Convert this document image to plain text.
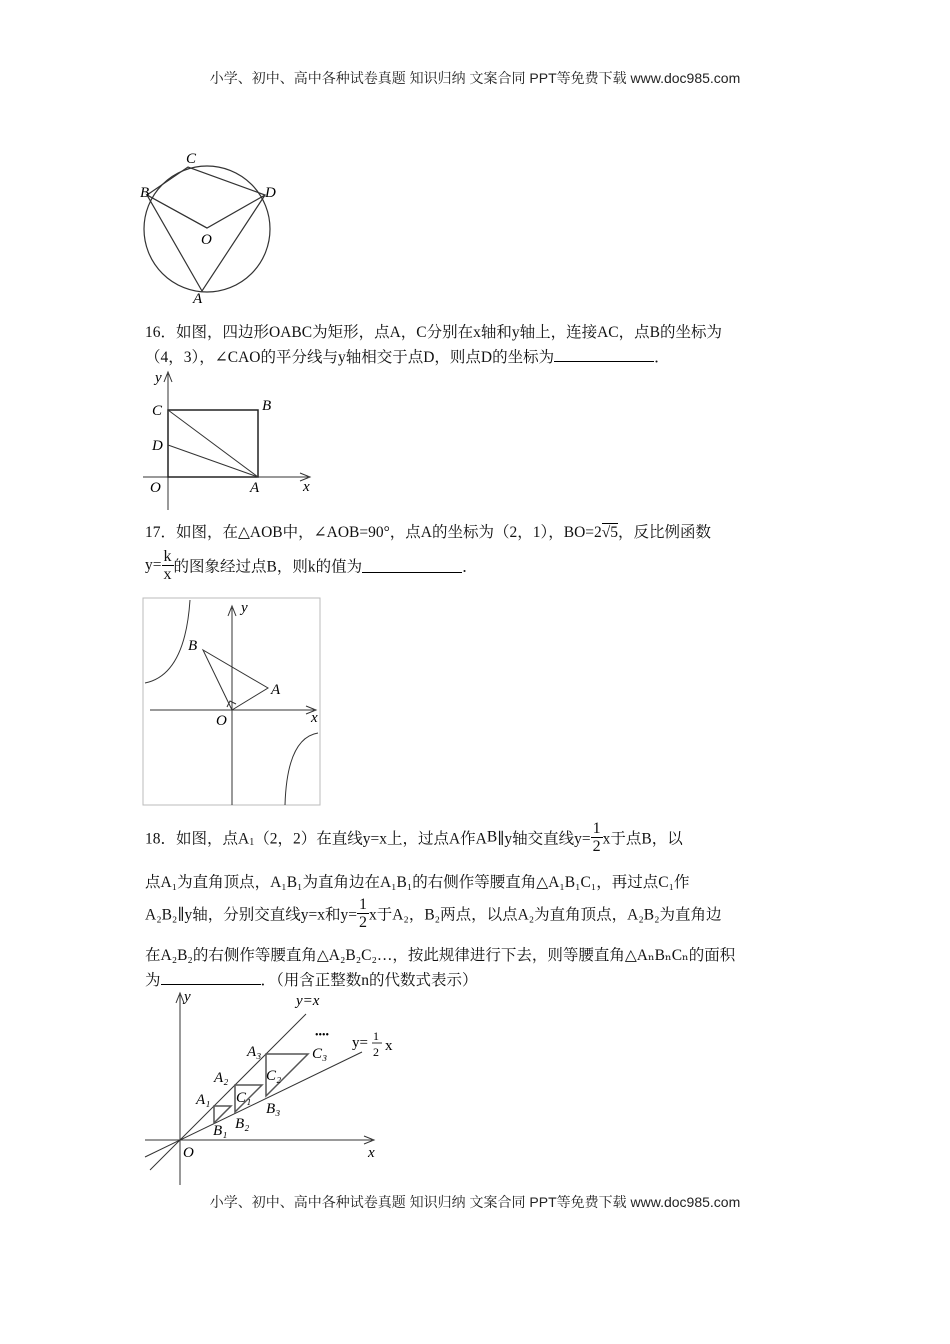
小学、初中、高中各种试卷真题 知识归纳 文案合同 PPT等免费下载 www.doc985.com
C
B	D
O
A
16．如图，四边形OABC为矩形，点A，C分别在x轴和y轴上，连接AC，点B的坐标为
（4，3），∠CAO的平分线与y轴相交于点D，则点D的坐标为	．
y
x
C	B
D
O	A
17．如图，在△AOB中，∠AOB=90°，点A的坐标为（2，1），BO=2√5，反比例函数
$y= \frac{k}{x}$ 的图象经过点B，则k的值为	．
y
x
B
A
O
18．如图，点$A_1(2$，2）在直线y=x上，过点A作AB∥y轴交直线$y= \frac{1}{2}$ x于点B，以
点A₁为直角顶点，A₁B₁为直角边在A₁B₁的右侧作等腰直角△A₁B₁C₁，再过点C₁作
A₂B₂∥y轴，分别交直线y=x和$y= \frac{1}{2}$ x于A₂，B₂两点，以点A₂为直角顶点，A₂B₂为直角边
在A₂B₂的右侧作等腰直角△A₂B₂C₂…，按此规律进行下去，则等腰直角△AₙBₙCₙ的面积
为	．（用含正整数n的代数式表示）
y
x
O
y=x
y= 1
2 x
••••
A₁
A₂
A₃
B₁ B₂
B₃
C₁
C₂
C₃
小学、初中、高中各种试卷真题 知识归纳 文案合同 PPT等免费下载 www.doc985.com
